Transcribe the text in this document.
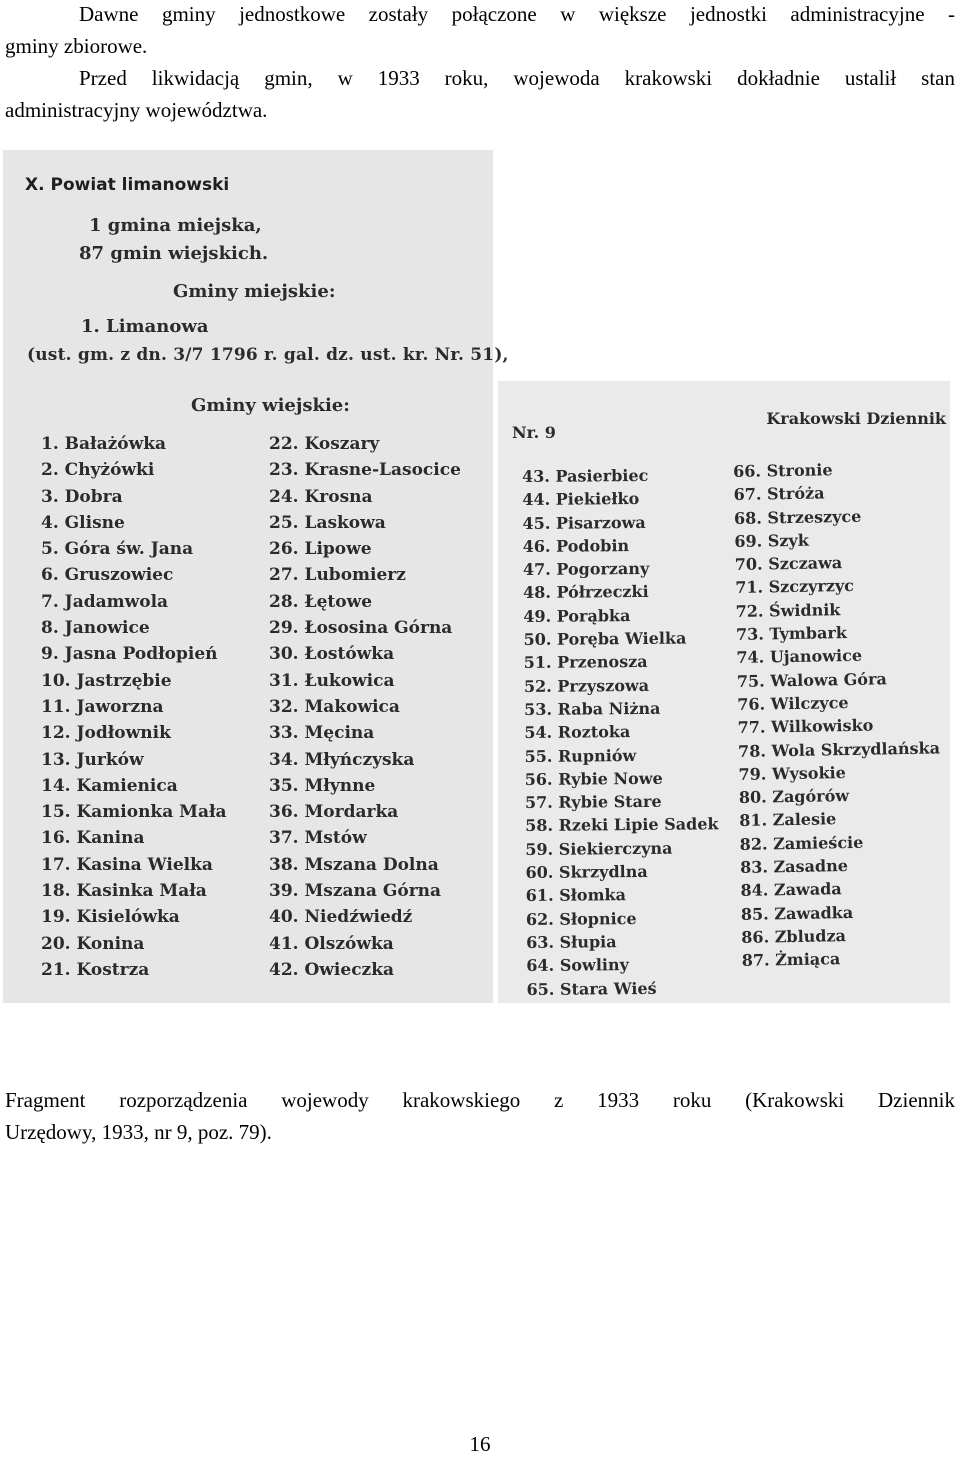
Dawne gminy jednostkowe zostały połączone w większe jednostki administracyjne -
gminy zbiorowe.
Przed likwidacją gmin, w 1933 roku, wojewoda krakowski dokładnie ustalił stan
administracyjny województwa.
X. Powiat limanowski
1 gmina miejska,
87 gmin wiejskich.
Gminy miejskie:
1. Limanowa
(ust. gm. z dn. 3/7 1796 r. gal. dz. ust. kr. Nr. 51),
Gminy wiejskie:
1. Bałażówka
2. Chyżówki
3. Dobra
4. Glisne
5. Góra św. Jana
6. Gruszowiec
7. Jadamwola
8. Janowice
9. Jasna Podłopień
10. Jastrzębie
11. Jaworzna
12. Jodłownik
13. Jurków
14. Kamienica
15. Kamionka Mała
16. Kanina
17. Kasina Wielka
18. Kasinka Mała
19. Kisielówka
20. Konina
21. Kostrza
22. Koszary
23. Krasne-Lasocice
24. Krosna
25. Laskowa
26. Lipowe
27. Lubomierz
28. Łętowe
29. Łososina Górna
30. Łostówka
31. Łukowica
32. Makowica
33. Męcina
34. Młyńczyska
35. Młynne
36. Mordarka
37. Mstów
38. Mszana Dolna
39. Mszana Górna
40. Niedźwiedź
41. Olszówka
42. Owieczka
Nr. 9
Krakowski Dziennik
43. Pasierbiec
44. Piekiełko
45. Pisarzowa
46. Podobin
47. Pogorzany
48. Półrzeczki
49. Porąbka
50. Poręba Wielka
51. Przenosza
52. Przyszowa
53. Raba Niżna
54. Roztoka
55. Rupniów
56. Rybie Nowe
57. Rybie Stare
58. Rzeki Lipie Sadek
59. Siekierczyna
60. Skrzydlna
61. Słomka
62. Słopnice
63. Słupia
64. Sowliny
65. Stara Wieś
66. Stronie
67. Stróża
68. Strzeszyce
69. Szyk
70. Szczawa
71. Szczyrzyc
72. Świdnik
73. Tymbark
74. Ujanowice
75. Walowa Góra
76. Wilczyce
77. Wilkowisko
78. Wola Skrzydlańska
79. Wysokie
80. Zagórów
81. Zalesie
82. Zamieście
83. Zasadne
84. Zawada
85. Zawadka
86. Zbludza
87. Żmiąca
Fragment rozporządzenia wojewody krakowskiego z 1933 roku (Krakowski Dziennik
Urzędowy, 1933, nr 9, poz. 79).
16
